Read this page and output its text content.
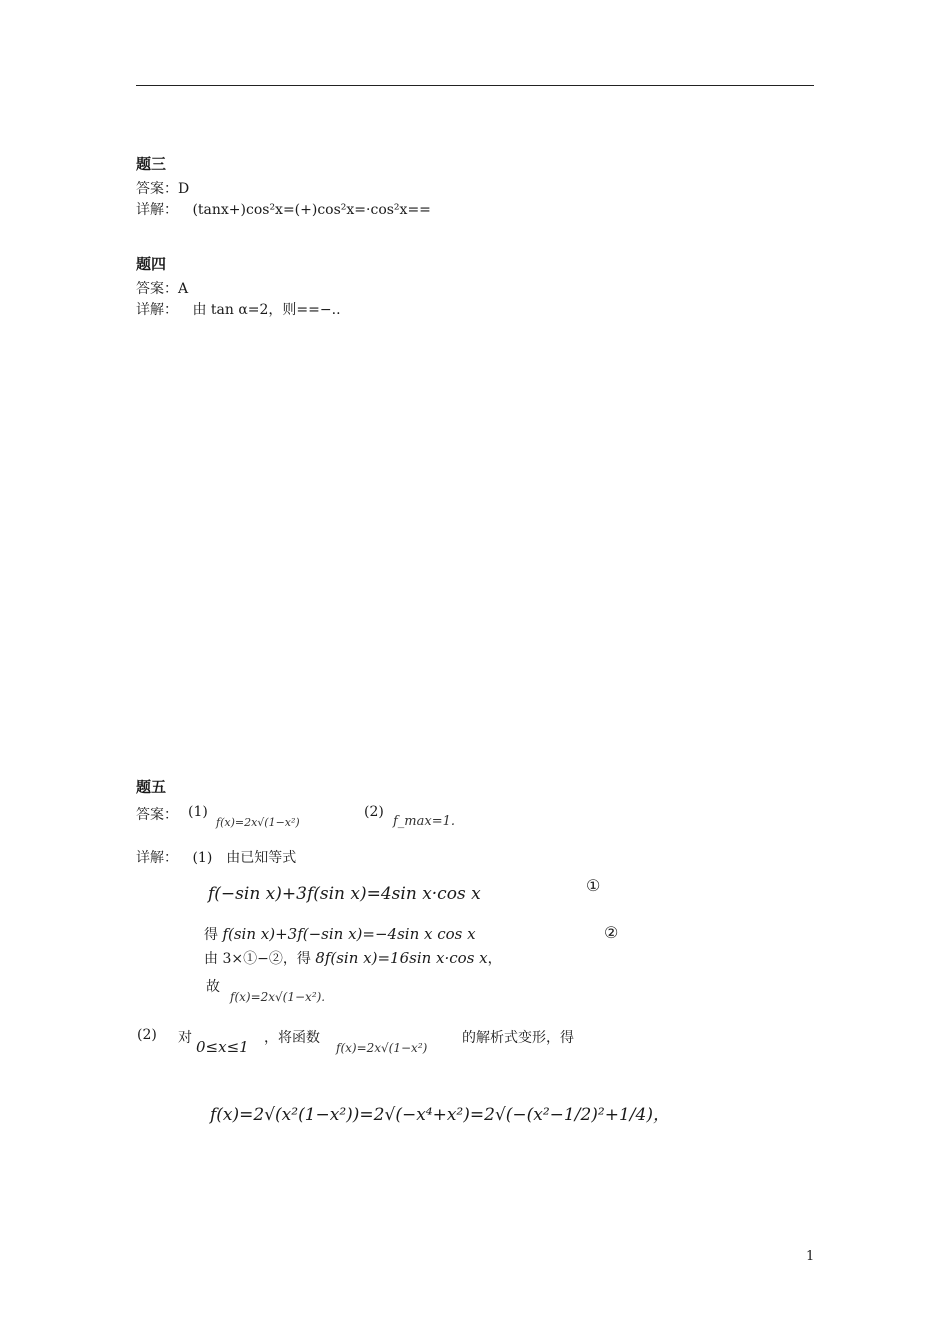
题三
答案：D
详解： (tanx+)cos²x=(+)cos²x=·cos²x==
题四
答案：A
详解： 由 tan α=2，则==−..
题五
答案： (1)
f(x)=2x√(1−x²)
(2)
f_max=1.
详解： (1)　由已知等式
f(−sin x)+3f(sin x)=4sin x·cos x	①
得 f(sin x)+3f(−sin x)=−4sin x cos x	②
由 3×①−②，得 8f(sin x)=16sin x·cos x，
故
f(x)=2x√(1−x²).
(2) 对 0≤x≤1 ，将函数
f(x)=2x√(1−x²)
的解析式变形，得
f(x)=2√(x²(1−x²))=2√(−x⁴+x²)=2√(−(x²−1/2)²+1/4)，
1
